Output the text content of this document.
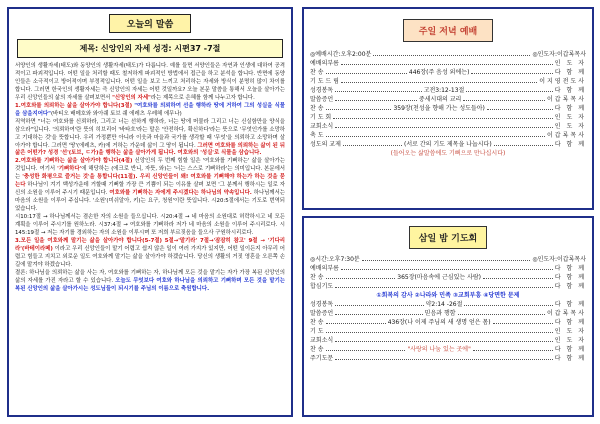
오늘의 말씀
제목: 신앙인의 자세 성경: 시편37 -7절

서양인의 생활자세(태도)와 동양인의 생활자세(태도)가 다릅니다. 예를 들면 서양인들은 자연과 인생에 대하여 공격적이고 파괴적입니다. 어떤 일을 처리할 때도 철저하게 파괴적인 방법에서 접근을 하고 분석을 합니다. 반면에 동양인들은 소극적이고 방어적이며 부정적입니다. 어떤 일을 보고 느끼고 처리하는 자세와 방식이 분명히 많이 차이를 합니다. 그러면 한국인의 생활자세는 즉 신앙인의 자세는 어떤 것일까요? 오늘 본문 말씀을 통해서 오늘을 살아가는 우리 신앙인들의 삶의 자세를 살펴보면서 "신앙인의 자세"라는 제목으로 은혜를 함께 나누고자 합니다.

1.여호와를 의뢰하는 삶을 살아가야 합니다(3절) "여호와를 의뢰하여 선을 행하라 땅에 거하여 그의 성실을 식물을 삼을지어다"(바티오 배메호와 와아쉐 토브 쉐 에레츠 우레헤 에무나)

직역하면 "너는 여호와를 신뢰하라, 그리고 너는 선하게 행하라, 너는 땅에 머물라 그리고 너는 신실함만을 양식을 삼으라"입니다. '의뢰하여'란 뜻의 히브리어 '바타흐'라는 말은 '안전하다, 확신하다'라는 뜻으로 '무엇인가를 소망하고 기대하는 것'을 뜻합니다. 우리 가정뿐만 아니라 이웃과 마을과 국가를 생각할 때 '무엇'을 의뢰하고 소망하며 살아가야 합니다. 그러면 '땅'(에레츠, 카)에 거하는 가운데 삶이 그 땅이 됩니다. 그러면 여호와를 의뢰하는 삶이 된 뒤 삶은 어떤가? 성경 '선'(토브, ㄷ가)을 행하는 삶을 살아가게 됩니다. 여호와의 '성실'로 식물을 삼습니다.

2.여호와를 기뻐하는 삶을 살아가야 합니다(4절) 신앙인의 두 번째 힘할 일은 '여호와를 기뻐하는' 삶을 살아가는 것입니다. 여기서 '기뻐하다'에 해당하는 (에크로 반니, 자뜻, 와)는 '너는 스스로 기뻐하라'는 의미입니다. 본문에서는 '충성한 화평으로 즐거는 것'을 통합니다(11절). 우리 신앙인들이 왜! 여호와를 기뻐해야 하는가 하는 것을 묻는다 하나님이 겨기 백성가운데 거할때 기뻐할 가장 큰 기쁨이 되는 이유를 살펴 보면 '그 분께서 행하시는 일로 자신의 소원을 이루어 주시기 때문입니다. 여호와를 기뻐하는 자에게 주시겠다는 하나님의 약속입니다. 하나님께서는 마음의 소원을 이루어 주십니다. '소원'(미쉬알아, 키)는 요구, 청원'이란 뜻입니다. 시20:5절에서는 기도로 번역되었습니다.

시10:17절 → 하나님께서는 겸손한 자의 소원을 들으십니다. 시20:4절 → 네 마음의 소원대로 허락하시고 네 모든 계획을 이루어 주시기를 원하노라. 시37:4절 → 여호와를 기뻐하라 저가 네 마음의 소원을 이루어 주시리로다. 시145:19절 → 저는 자기를 경외하는 자의 소원을 이루시며 또 저희 부르짖음을 들으사 구원하시리로다.

3.모든 일을 여호와께 맡기는 삶을 살아가야 합니다(5-7절) 5절→'맡기라' 7절→'잠잠히 참고' 9절 → '기다리라'(바테이라페) 이라고 우리 신앙인들이 맡기 어렵고 쉽지 않은 일이 여러 가지가 있지만, 어떤 일이든지 아무리 어렵고 힘들고 지치고 외로운 일도 여호와께 맡기는 삶을 살아가야 하겠습니다. 당신의 생활의 거짓 영혼을 오른쪽 손길에 맡겨야 하겠습니다.

결론: 하나님을 의뢰하는 삶을 사는 자, 여호와를 기뻐하는 자, 하나님께 모든 것을 맡기는 자가 가장 복된 신앙인의 삶의 자세를 가진 자라고 할 수 있습니다. 오늘도 무엇보다 여호와 하나님을 의뢰하고 기뻐하며 모든 것을 맡기는 복된 신앙인의 삶을 살아가시는 성도님들이 되시기를 주님의 이름으로 축원합니다.

주일 저녁 예배
◎예배시간:오후2:00분	◎인도자:이갑록목사
예배의부름	인 도 자
찬 송	446장(주 음성 외에는)	다 함 께
기 도 드 림	이지영전도사
성경봉독	고전3:12-13절	다 함 께
말씀증언	중세시대의 교리	이갑록목사
찬 송	359장(천성을 향해 가는 성도들아)	다 함 께
기 도 회	인 도 자
교회소식	인 도 자
축 도	이갑록목사
성도의 교제	(서로 간의 기도 제목을 나눕시다)	다 함 께
(들어오는 삶말씀에도 기뻐으로 만나십시다)
삼일 밤 기도회
◎시간:오후7:30분	◎인도자:이갑록목사
예배의부름	다 함 께
찬 송	365장(마음속에 근심있는 사람)	다 함 께
합심기도	다 함 께
①회복의 감사 ②나라와 민족 ③교회부흥 ④당면한 문제
성경봉독	약2:14 -26절	다 함 께
말씀증언	믿음과 행함	이갑록목사
찬 송	436장(나 이제 주님의 새 생명 얻은 몸)	다 함 께
기 도	인 도 자
교회소식	인 도 자
찬 송	"사랑의 나눔 있는 곳에"	다 함 께
주기도문	다 함 께
